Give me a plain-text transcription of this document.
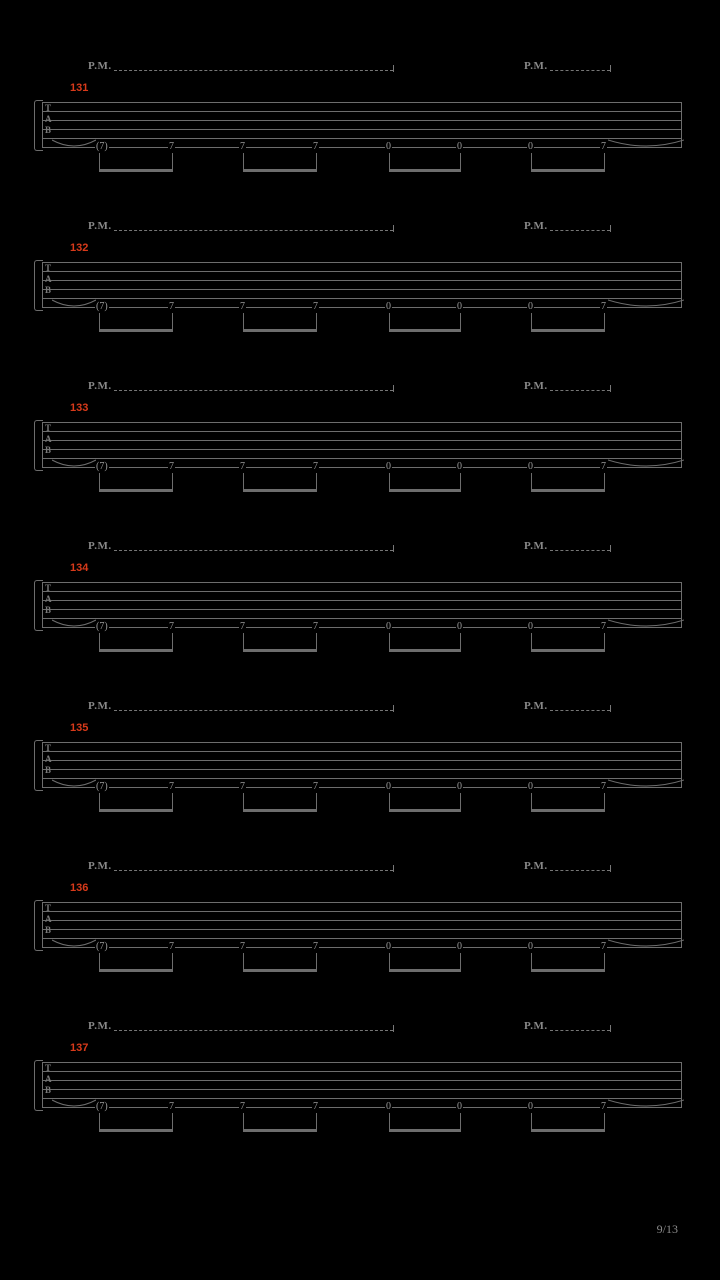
P.M.	P.M.
131
T
A
B
(7)	7	7	7	0	0	0	7
P.M.	P.M.
132
T
A
B
(7)	7	7	7	0	0	0	7
P.M.	P.M.
133
T
A
B
(7)	7	7	7	0	0	0	7
P.M.	P.M.
134
T
A
B
(7)	7	7	7	0	0	0	7
P.M.	P.M.
135
T
A
B
(7)	7	7	7	0	0	0	7
P.M.	P.M.
136
T
A
B
(7)	7	7	7	0	0	0	7
P.M.	P.M.
137
T
A
B
(7)	7	7	7	0	0	0	7
9/13
